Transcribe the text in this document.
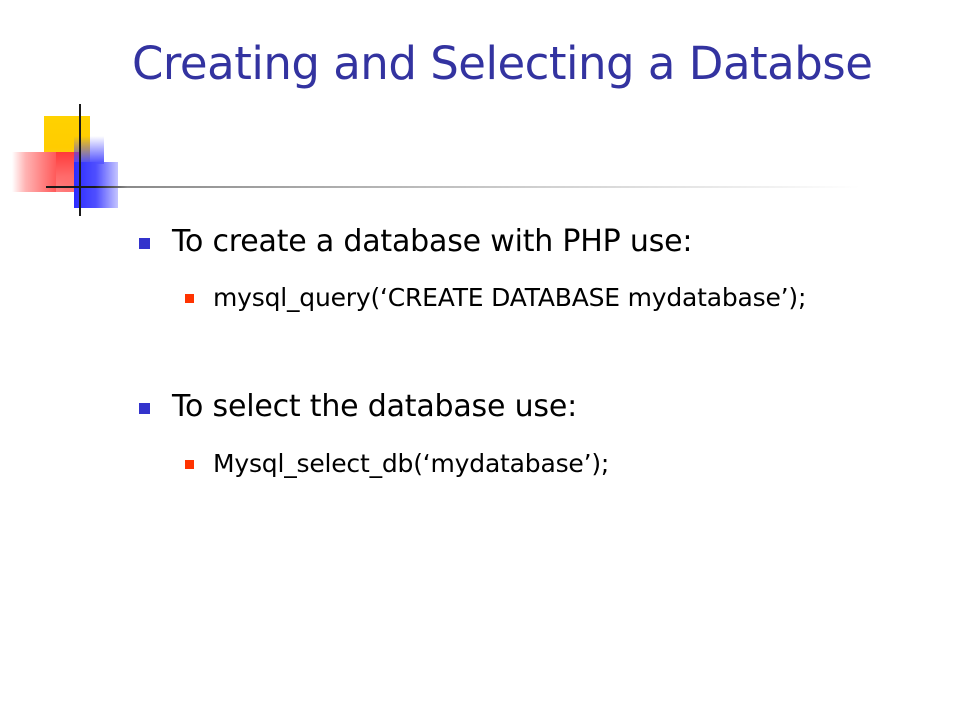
Creating and Selecting a Databse
To create a database with PHP use:
mysql_query(‘CREATE DATABASE mydatabase’);
To select the database use:
Mysql_select_db(‘mydatabase’);
